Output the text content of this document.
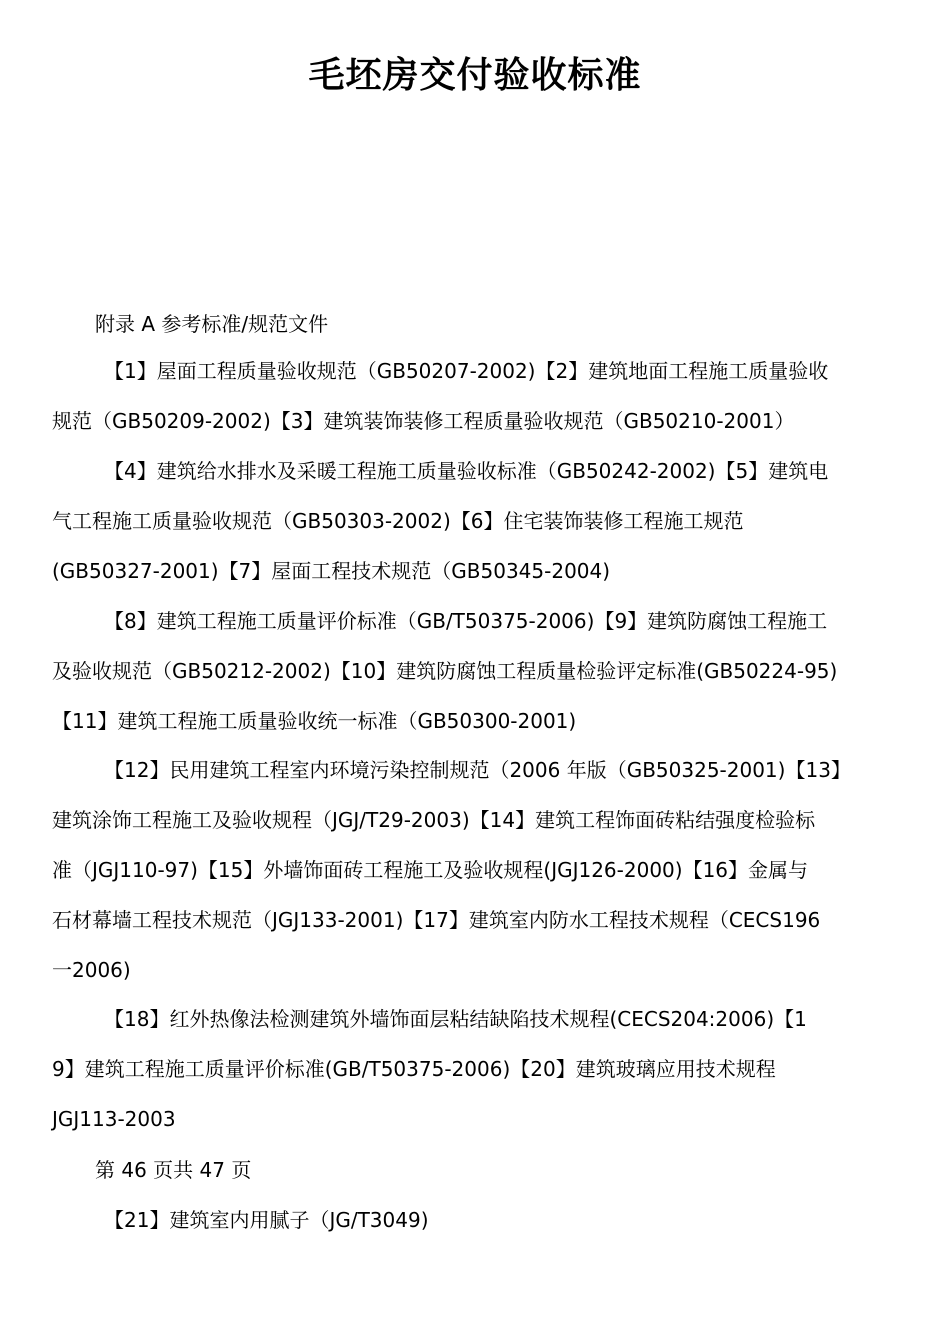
毛坯房交付验收标准
附录 A 参考标准/规范文件

【1】屋面工程质量验收规范（GB50207-2002)【2】建筑地面工程施工质量验收
规范（GB50209-2002)【3】建筑装饰装修工程质量验收规范（GB50210-2001）

【4】建筑给水排水及采暖工程施工质量验收标准（GB50242-2002)【5】建筑电
气工程施工质量验收规范（GB50303-2002)【6】住宅装饰装修工程施工规范
(GB50327-2001)【7】屋面工程技术规范（GB50345-2004)

【8】建筑工程施工质量评价标准（GB/T50375-2006)【9】建筑防腐蚀工程施工
及验收规范（GB50212-2002)【10】建筑防腐蚀工程质量检验评定标准(GB50224-95)
【11】建筑工程施工质量验收统一标准（GB50300-2001)

【12】民用建筑工程室内环境污染控制规范（2006 年版（GB50325-2001)【13】
建筑涂饰工程施工及验收规程（JGJ/T29-2003)【14】建筑工程饰面砖粘结强度检验标
准（JGJ110-97)【15】外墙饰面砖工程施工及验收规程(JGJ126-2000)【16】金属与
石材幕墙工程技术规范（JGJ133-2001)【17】建筑室内防水工程技术规程（CECS196
一2006)

【18】红外热像法检测建筑外墙饰面层粘结缺陷技术规程(CECS204:2006)【1
9】建筑工程施工质量评价标准(GB/T50375-2006)【20】建筑玻璃应用技术规程
JGJ113-2003

第 46 页共 47 页
【21】建筑室内用腻子（JG/T3049)
